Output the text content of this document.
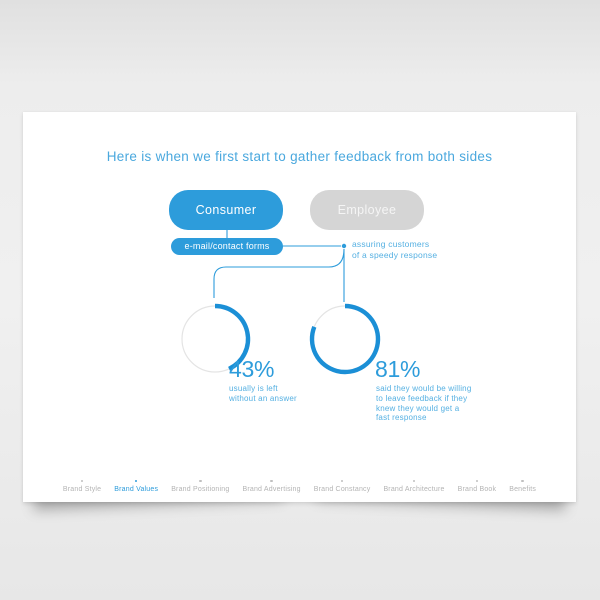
Here is when we first start to gather feedback from both sides
Consumer	Employee
e-mail/contact forms	assuring customers
of a speedy response
43%	81%
usually is left
without an answer
said they would be willing
to leave feedback if they
knew they would get a
fast response
Brand Style Brand Values Brand Positioning Brand Advertising Brand Constancy Brand Architecture Brand Book Benefits
